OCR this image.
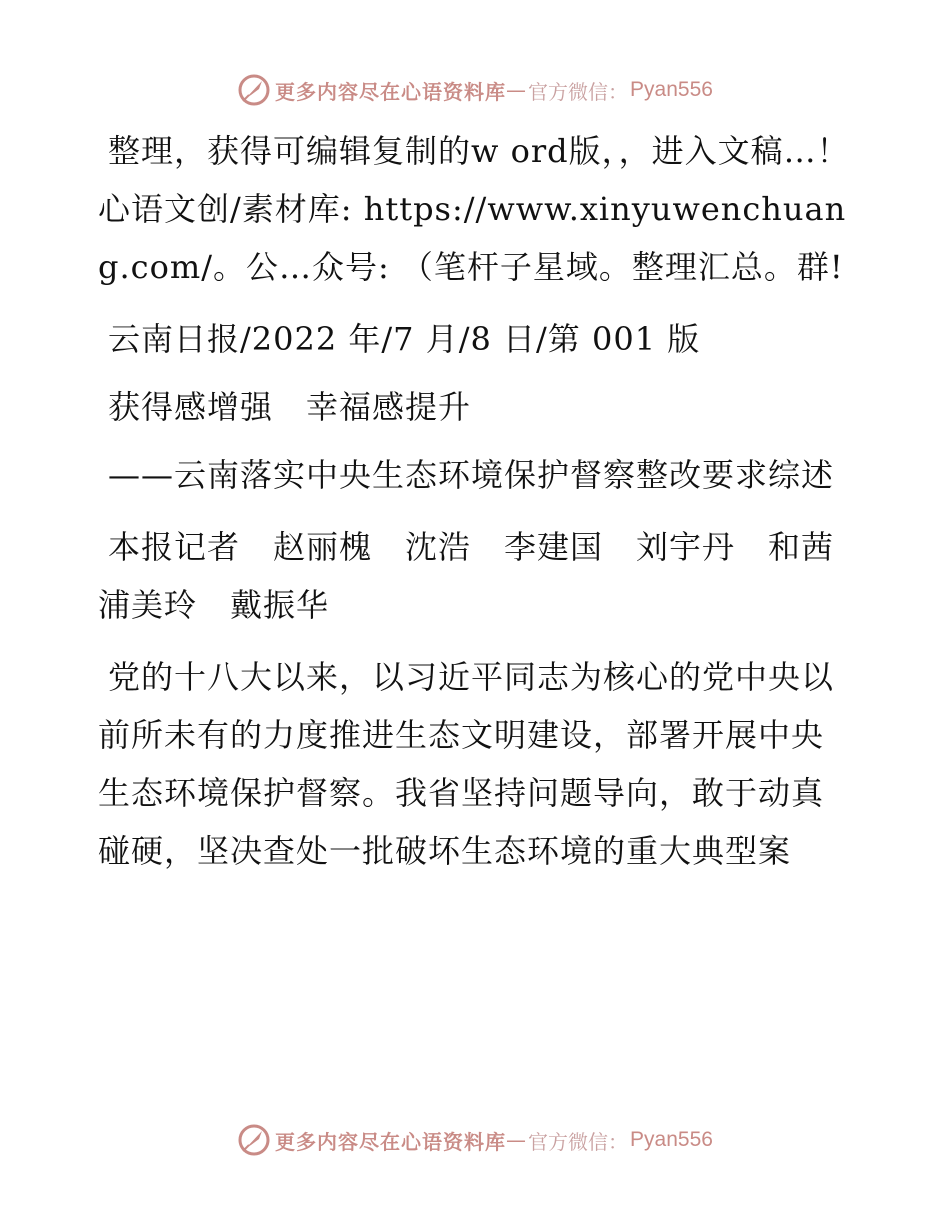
更多内容尽在心语资料库 — 官方微信： Pyan556

整理，获得可编辑复制的w ord版，，进入文稿…！心语文创/素材库: https://www.xinyuwenchuang.com/。公…众号: （笔杆子星域。整理汇总。群!

云南日报/2022 年/7 月/8 日/第 001 版

获得感增强　幸福感提升

——云南落实中央生态环境保护督察整改要求综述

本报记者　赵丽槐　沈浩　李建国　刘宇丹　和茜　浦美玲　戴振华

党的十八大以来，以习近平同志为核心的党中央以前所未有的力度推进生态文明建设，部署开展中央生态环境保护督察。我省坚持问题导向，敢于动真碰硬，坚决查处一批破坏生态环境的重大典型案

更多内容尽在心语资料库 — 官方微信： Pyan556
